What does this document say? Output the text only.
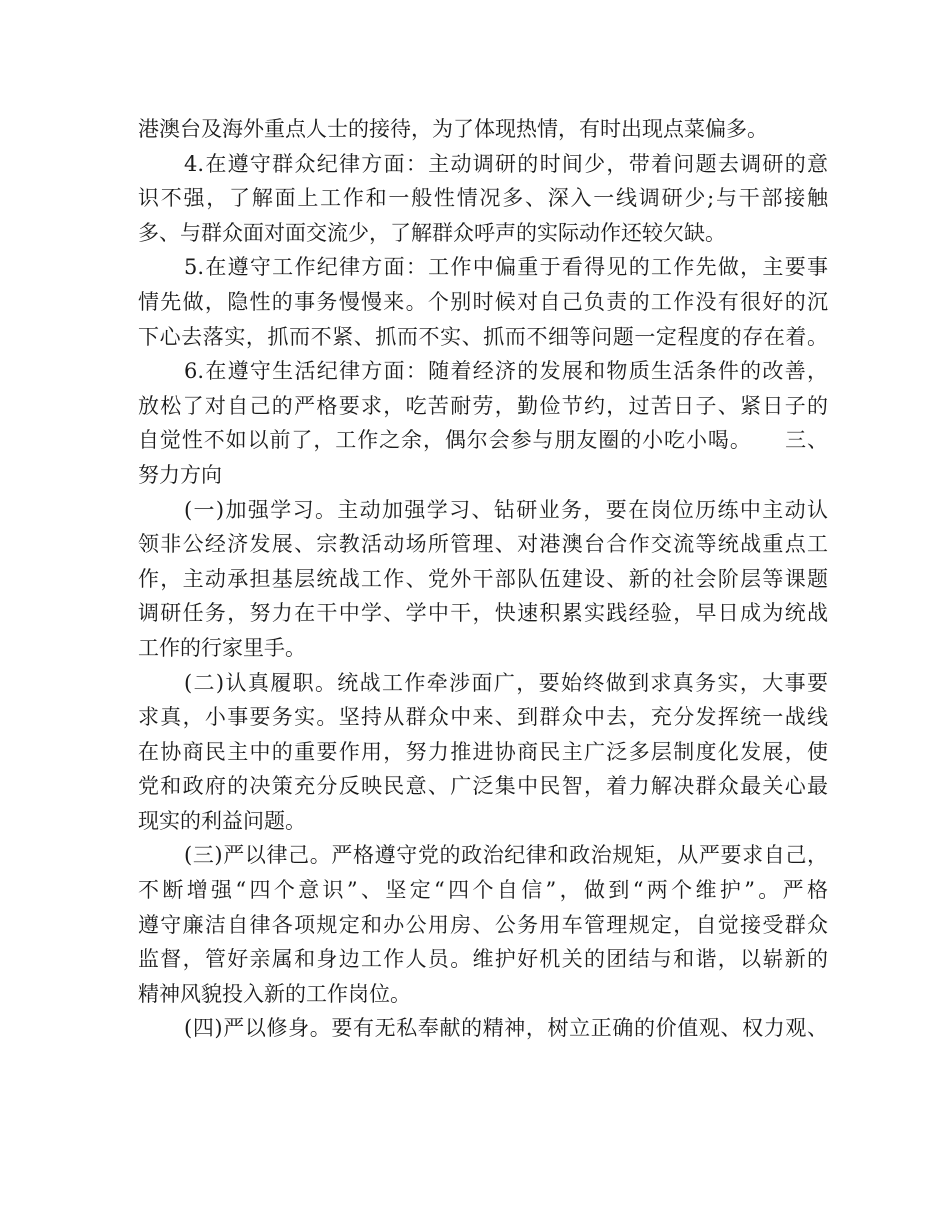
港澳台及海外重点人士的接待，为了体现热情，有时出现点菜偏多。
4.在遵守群众纪律方面：主动调研的时间少，带着问题去调研的意
识不强，了解面上工作和一般性情况多、深入一线调研少;与干部接触
多、与群众面对面交流少，了解群众呼声的实际动作还较欠缺。
5.在遵守工作纪律方面：工作中偏重于看得见的工作先做，主要事
情先做，隐性的事务慢慢来。个别时候对自己负责的工作没有很好的沉
下心去落实，抓而不紧、抓而不实、抓而不细等问题一定程度的存在着。
6.在遵守生活纪律方面：随着经济的发展和物质生活条件的改善，
放松了对自己的严格要求，吃苦耐劳，勤俭节约，过苦日子、紧日子的
自觉性不如以前了，工作之余，偶尔会参与朋友圈的小吃小喝。　　三、
努力方向
(一)加强学习。主动加强学习、钻研业务，要在岗位历练中主动认
领非公经济发展、宗教活动场所管理、对港澳台合作交流等统战重点工
作，主动承担基层统战工作、党外干部队伍建设、新的社会阶层等课题
调研任务，努力在干中学、学中干，快速积累实践经验，早日成为统战
工作的行家里手。
(二)认真履职。统战工作牵涉面广，要始终做到求真务实，大事要
求真，小事要务实。坚持从群众中来、到群众中去，充分发挥统一战线
在协商民主中的重要作用，努力推进协商民主广泛多层制度化发展，使
党和政府的决策充分反映民意、广泛集中民智，着力解决群众最关心最
现实的利益问题。
(三)严以律己。严格遵守党的政治纪律和政治规矩，从严要求自己，
不断增强“四个意识”、坚定“四个自信”，做到“两个维护”。严格
遵守廉洁自律各项规定和办公用房、公务用车管理规定，自觉接受群众
监督，管好亲属和身边工作人员。维护好机关的团结与和谐，以崭新的
精神风貌投入新的工作岗位。
(四)严以修身。要有无私奉献的精神，树立正确的价值观、权力观、
